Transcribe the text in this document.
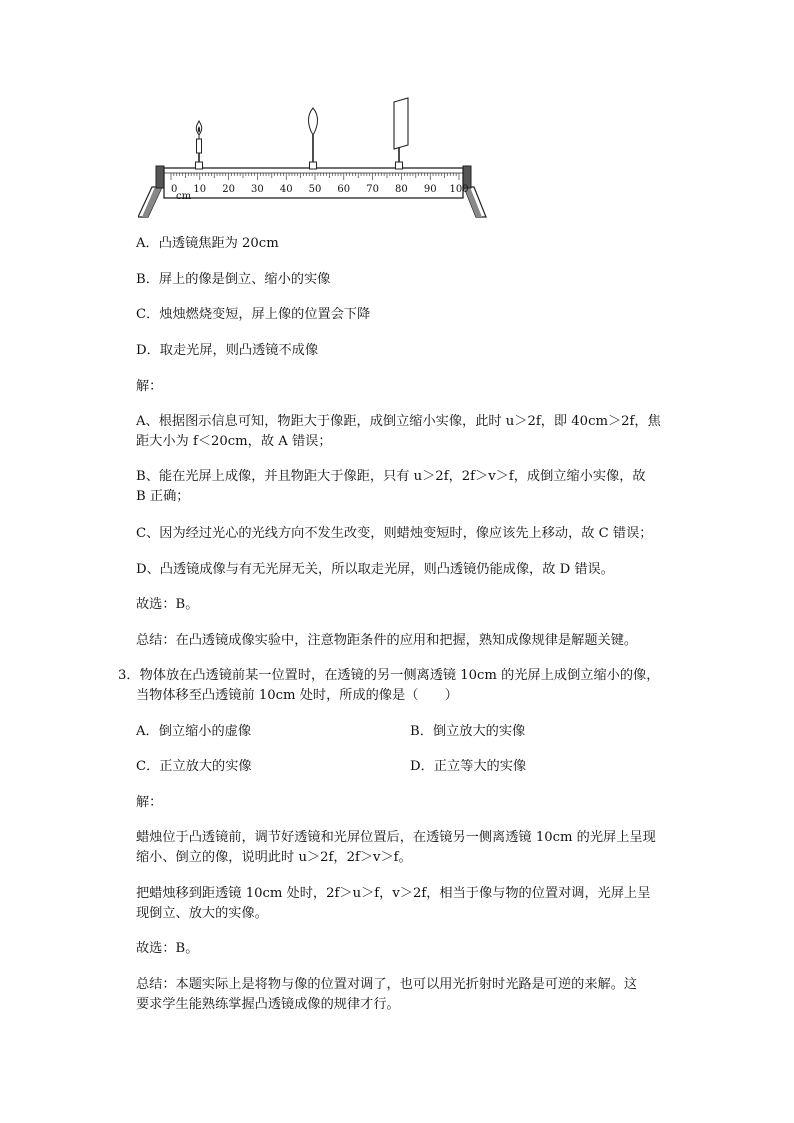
0 10 20 30 40 50 60 70 80 90 100
cm
A．凸透镜焦距为 20cm
B．屏上的像是倒立、缩小的实像
C．烛烛燃烧变短，屏上像的位置会下降
D．取走光屏，则凸透镜不成像
解：
A、根据图示信息可知，物距大于像距，成倒立缩小实像，此时 u＞2f，即 40cm＞2f，焦
距大小为 f＜20cm，故 A 错误；
B、能在光屏上成像，并且物距大于像距，只有 u＞2f，2f＞v＞f，成倒立缩小实像，故
B 正确；
C、因为经过光心的光线方向不发生改变，则蜡烛变短时，像应该先上移动，故 C 错误；
D、凸透镜成像与有无光屏无关，所以取走光屏，则凸透镜仍能成像，故 D 错误。
故选：B。
总结：在凸透镜成像实验中，注意物距条件的应用和把握，熟知成像规律是解题关键。
3．物体放在凸透镜前某一位置时，在透镜的另一侧离透镜 10cm 的光屏上成倒立缩小的像，
当物体移至凸透镜前 10cm 处时，所成的像是（　　）
A．倒立缩小的虚像	B．倒立放大的实像
C．正立放大的实像	D．正立等大的实像
解：
蜡烛位于凸透镜前，调节好透镜和光屏位置后，在透镜另一侧离透镜 10cm 的光屏上呈现
缩小、倒立的像，说明此时 u＞2f，2f＞v＞f。
把蜡烛移到距透镜 10cm 处时，2f＞u＞f，v＞2f，相当于像与物的位置对调，光屏上呈
现倒立、放大的实像。
故选：B。
总结：本题实际上是将物与像的位置对调了，也可以用光折射时光路是可逆的来解。这
要求学生能熟练掌握凸透镜成像的规律才行。
